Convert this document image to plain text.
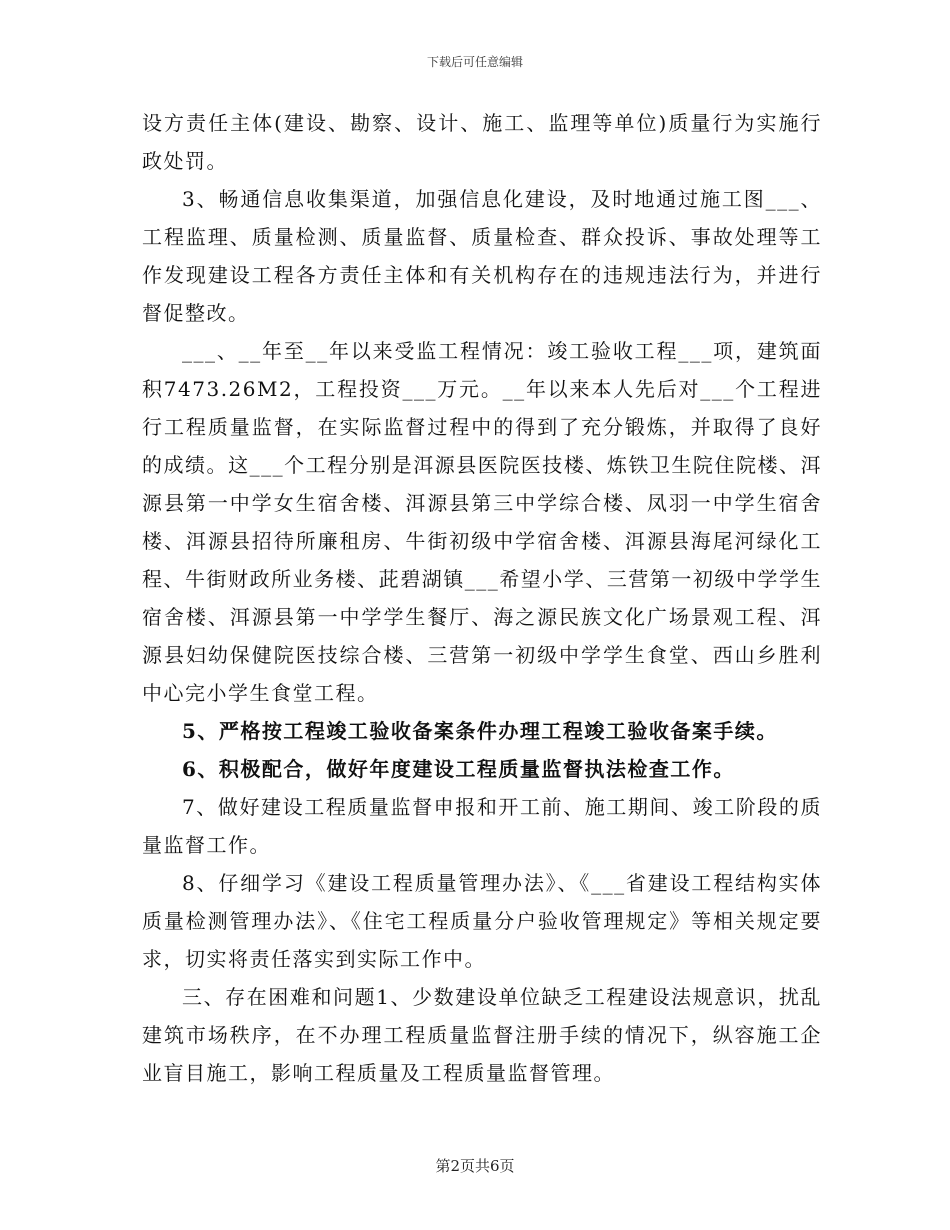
下载后可任意编辑

设方责任主体(建设、勘察、设计、施工、监理等单位)质量行为实施行政处罚。

3、畅通信息收集渠道，加强信息化建设，及时地通过施工图___、工程监理、质量检测、质量监督、质量检查、群众投诉、事故处理等工作发现建设工程各方责任主体和有关机构存在的违规违法行为，并进行督促整改。

___、__年至__年以来受监工程情况：竣工验收工程___项，建筑面积7473.26M2，工程投资___万元。__年以来本人先后对___个工程进行工程质量监督，在实际监督过程中的得到了充分锻炼，并取得了良好的成绩。这___个工程分别是洱源县医院医技楼、炼铁卫生院住院楼、洱源县第一中学女生宿舍楼、洱源县第三中学综合楼、凤羽一中学生宿舍楼、洱源县招待所廉租房、牛街初级中学宿舍楼、洱源县海尾河绿化工程、牛街财政所业务楼、茈碧湖镇___希望小学、三营第一初级中学学生宿舍楼、洱源县第一中学学生餐厅、海之源民族文化广场景观工程、洱源县妇幼保健院医技综合楼、三营第一初级中学学生食堂、西山乡胜利中心完小学生食堂工程。

5、严格按工程竣工验收备案条件办理工程竣工验收备案手续。

6、积极配合，做好年度建设工程质量监督执法检查工作。

7、做好建设工程质量监督申报和开工前、施工期间、竣工阶段的质量监督工作。

8、仔细学习《建设工程质量管理办法》、《___省建设工程结构实体质量检测管理办法》、《住宅工程质量分户验收管理规定》等相关规定要求，切实将责任落实到实际工作中。

三、存在困难和问题1、少数建设单位缺乏工程建设法规意识，扰乱建筑市场秩序，在不办理工程质量监督注册手续的情况下，纵容施工企业盲目施工，影响工程质量及工程质量监督管理。

第2页共6页
